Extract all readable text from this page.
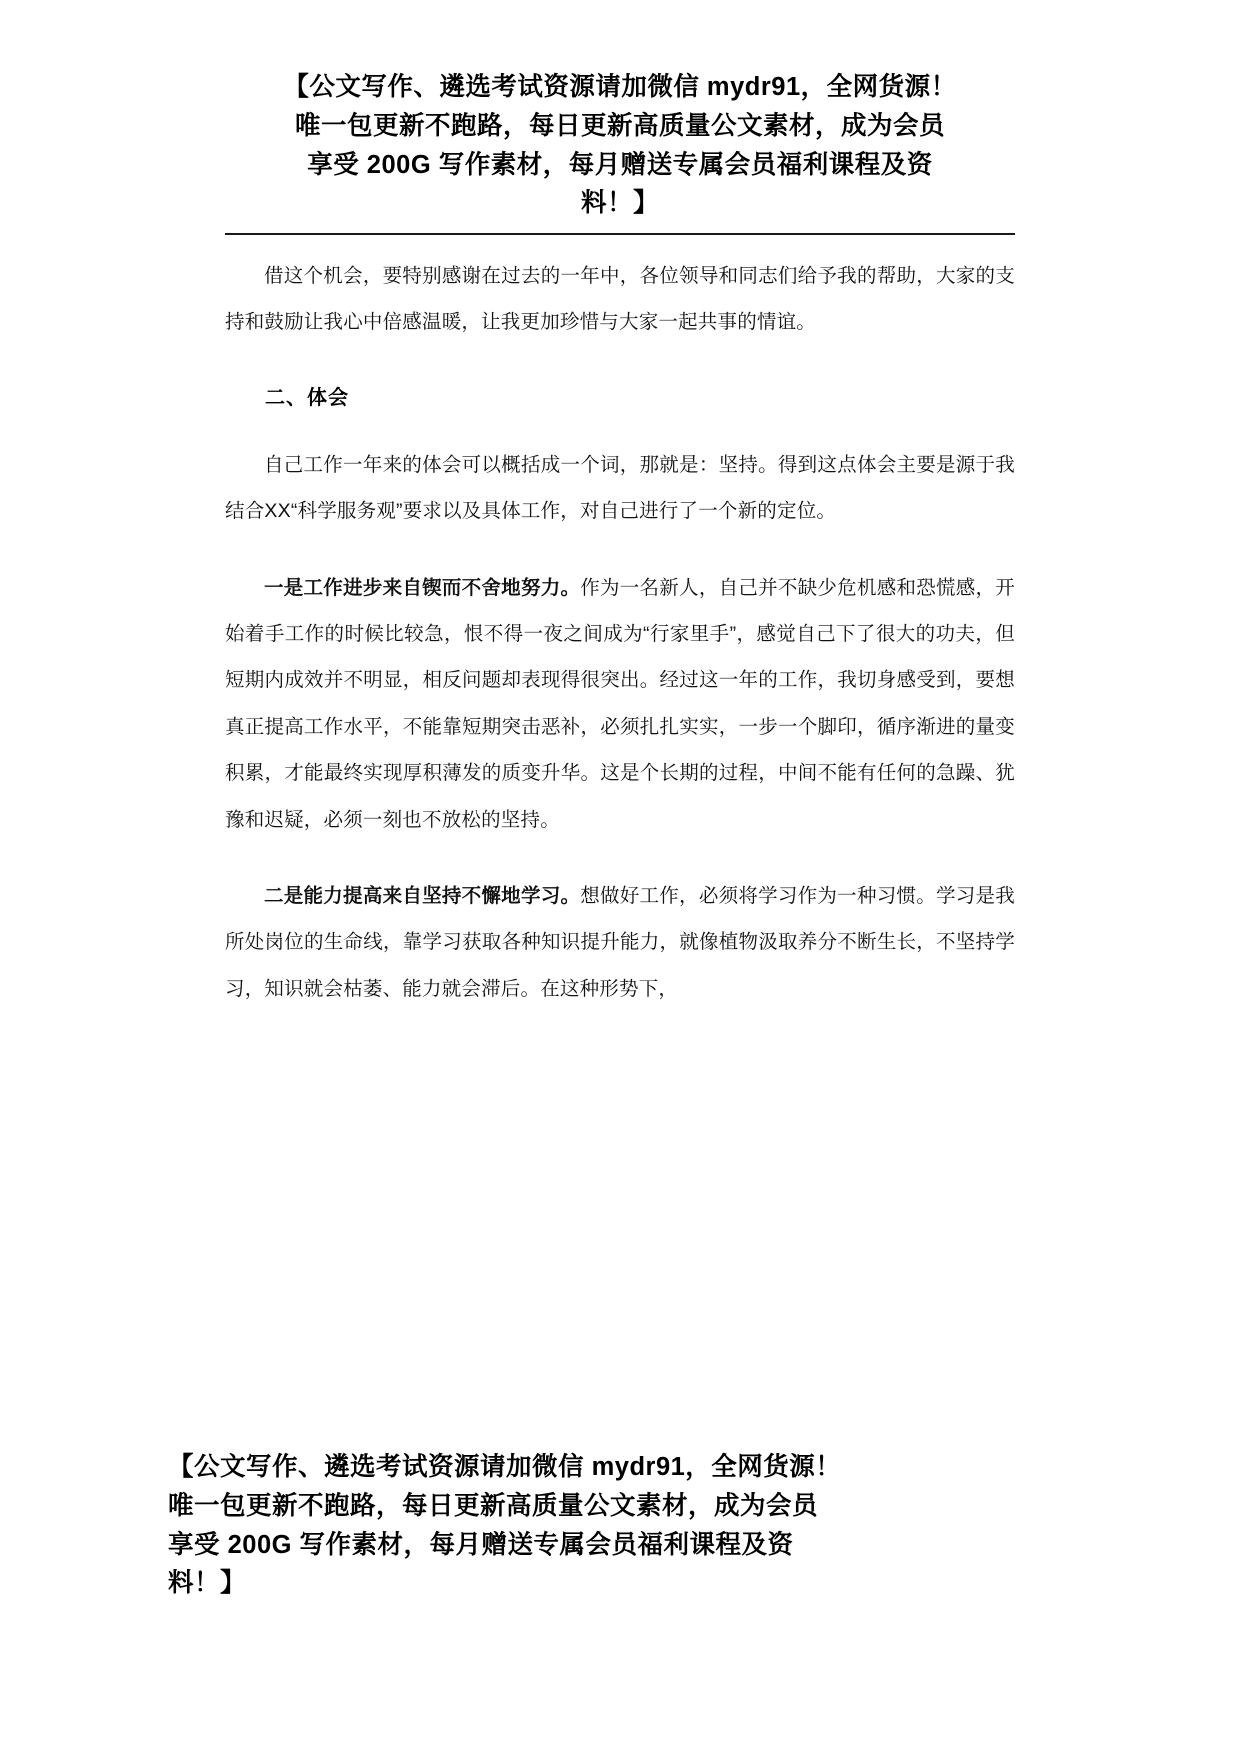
【公文写作、遴选考试资源请加微信 mydr91，全网货源！
唯一包更新不跑路，每日更新高质量公文素材，成为会员
享受 200G 写作素材，每月赠送专属会员福利课程及资
料！】

借这个机会，要特别感谢在过去的一年中，各位领导和同志们给予我的帮助，大家的支持和鼓励让我心中倍感温暖，让我更加珍惜与大家一起共事的情谊。

二、体会

自己工作一年来的体会可以概括成一个词，那就是：坚持。得到这点体会主要是源于我结合XX“科学服务观”要求以及具体工作，对自己进行了一个新的定位。

一是工作进步来自锲而不舍地努力。作为一名新人，自己并不缺少危机感和恐慌感，开始着手工作的时候比较急，恨不得一夜之间成为“行家里手”，感觉自己下了很大的功夫，但短期内成效并不明显，相反问题却表现得很突出。经过这一年的工作，我切身感受到，要想真正提高工作水平，不能靠短期突击恶补，必须扎扎实实，一步一个脚印，循序渐进的量变积累，才能最终实现厚积薄发的质变升华。这是个长期的过程，中间不能有任何的急躁、犹豫和迟疑，必须一刻也不放松的坚持。

二是能力提高来自坚持不懈地学习。想做好工作，必须将学习作为一种习惯。学习是我所处岗位的生命线，靠学习获取各种知识提升能力，就像植物汲取养分不断生长，不坚持学习，知识就会枯萎、能力就会滞后。在这种形势下，

【公文写作、遴选考试资源请加微信 mydr91，全网货源！
唯一包更新不跑路，每日更新高质量公文素材，成为会员
享受 200G 写作素材，每月赠送专属会员福利课程及资
料！】
